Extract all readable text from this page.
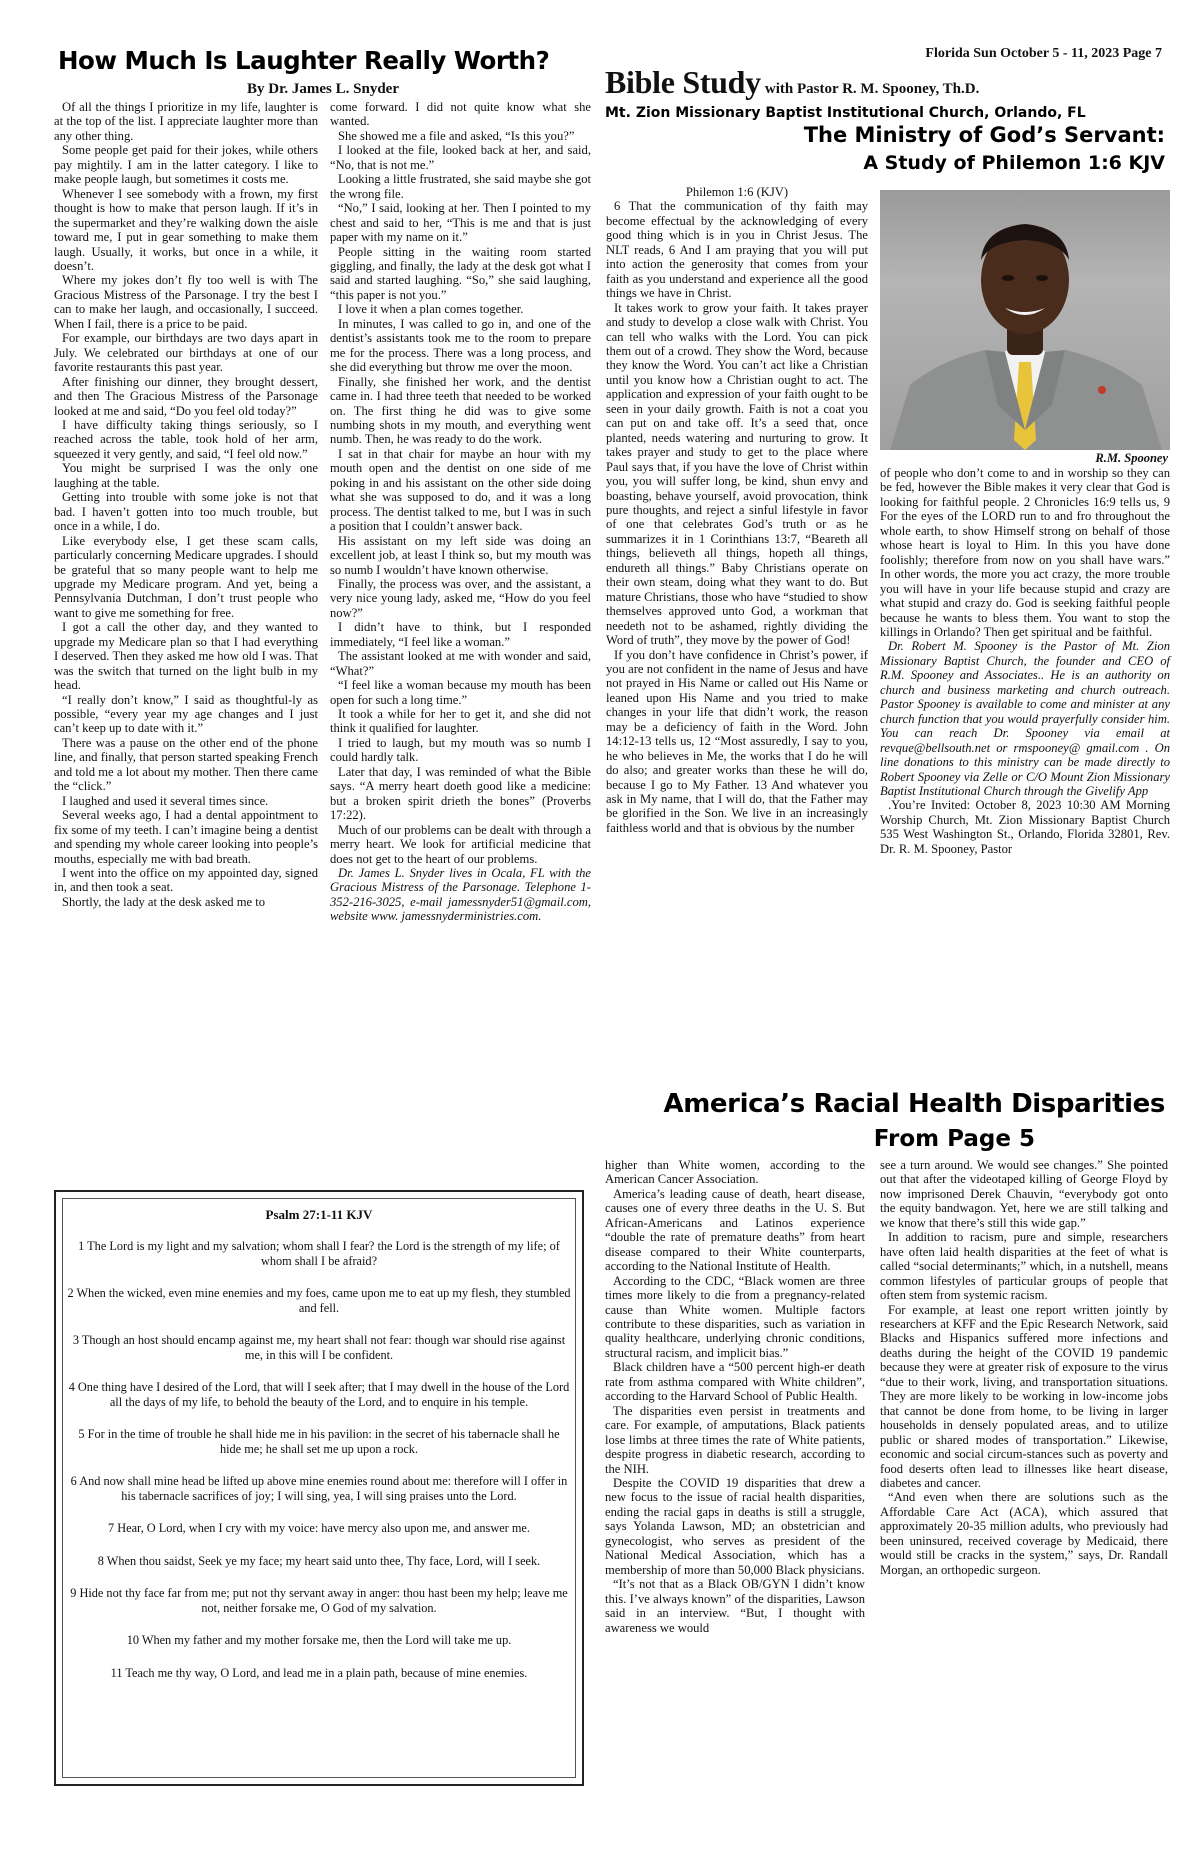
How Much Is Laughter Really Worth?
By Dr. James L. Snyder

Of all the things I prioritize in my life, laughter is at the top of the list. I appreciate laughter more than any other thing.

Some people get paid for their jokes, while others pay mightily. I am in the latter category. I like to make people laugh, but sometimes it costs me.

Whenever I see somebody with a frown, my first thought is how to make that person laugh. If it’s in the supermarket and they’re walking down the aisle toward me, I put in gear something to make them laugh. Usually, it works, but once in a while, it doesn’t.

Where my jokes don’t fly too well is with The Gracious Mistress of the Parsonage. I try the best I can to make her laugh, and occasionally, I succeed. When I fail, there is a price to be paid.

For example, our birthdays are two days apart in July. We celebrated our birthdays at one of our favorite restaurants this past year.

After finishing our dinner, they brought dessert, and then The Gracious Mistress of the Parsonage looked at me and said, “Do you feel old today?”

I have difficulty taking things seriously, so I reached across the table, took hold of her arm, squeezed it very gently, and said, “I feel old now.”

You might be surprised I was the only one laughing at the table.

Getting into trouble with some joke is not that bad. I haven’t gotten into too much trouble, but once in a while, I do.

Like everybody else, I get these scam calls, particularly concerning Medicare upgrades. I should be grateful that so many people want to help me upgrade my Medicare program. And yet, being a Pennsylvania Dutchman, I don’t trust people who want to give me something for free.

I got a call the other day, and they wanted to upgrade my Medicare plan so that I had everything I deserved. Then they asked me how old I was. That was the switch that turned on the light bulb in my head.

“I really don’t know,” I said as thoughtful-ly as possible, “every year my age changes and I just can’t keep up to date with it.”

There was a pause on the other end of the phone line, and finally, that person started speaking French and told me a lot about my mother. Then there came the “click.”

I laughed and used it several times since.

Several weeks ago, I had a dental appointment to fix some of my teeth. I can’t imagine being a dentist and spending my whole career looking into people’s mouths, especially me with bad breath.

I went into the office on my appointed day, signed in, and then took a seat.

Shortly, the lady at the desk asked me to

come forward. I did not quite know what she wanted.

She showed me a file and asked, “Is this you?”

I looked at the file, looked back at her, and said, “No, that is not me.”

Looking a little frustrated, she said maybe she got the wrong file.

“No,” I said, looking at her. Then I pointed to my chest and said to her, “This is me and that is just paper with my name on it.”

People sitting in the waiting room started giggling, and finally, the lady at the desk got what I said and started laughing. “So,” she said laughing, “this paper is not you.”

I love it when a plan comes together.

In minutes, I was called to go in, and one of the dentist’s assistants took me to the room to prepare me for the process. There was a long process, and she did everything but throw me over the moon.

Finally, she finished her work, and the dentist came in. I had three teeth that needed to be worked on. The first thing he did was to give some numbing shots in my mouth, and everything went numb. Then, he was ready to do the work.

I sat in that chair for maybe an hour with my mouth open and the dentist on one side of me poking in and his assistant on the other side doing what she was supposed to do, and it was a long process. The dentist talked to me, but I was in such a position that I couldn’t answer back.

His assistant on my left side was doing an excellent job, at least I think so, but my mouth was so numb I wouldn’t have known otherwise.

Finally, the process was over, and the assistant, a very nice young lady, asked me, “How do you feel now?”

I didn’t have to think, but I responded immediately, “I feel like a woman.”

The assistant looked at me with wonder and said, “What?”

“I feel like a woman because my mouth has been open for such a long time.”

It took a while for her to get it, and she did not think it qualified for laughter.

I tried to laugh, but my mouth was so numb I could hardly talk.

Later that day, I was reminded of what the Bible says. “A merry heart doeth good like a medicine: but a broken spirit drieth the bones” (Proverbs 17:22).

Much of our problems can be dealt with through a merry heart. We look for artificial medicine that does not get to the heart of our problems.

Dr. James L. Snyder lives in Ocala, FL with the Gracious Mistress of the Parsonage. Telephone 1-352-216-3025, e-mail jamessnyder51@gmail.com, website www. jamessnyderministries.com.

Psalm 27:1-11 KJV
1 The Lord is my light and my salvation; whom shall I fear? the Lord is the strength of my life; of whom shall I be afraid?
2 When the wicked, even mine enemies and my foes, came upon me to eat up my flesh, they stumbled and fell.
3 Though an host should encamp against me, my heart shall not fear: though war should rise against me, in this will I be confident.
4 One thing have I desired of the Lord, that will I seek after; that I may dwell in the house of the Lord all the days of my life, to behold the beauty of the Lord, and to enquire in his temple.
5 For in the time of trouble he shall hide me in his pavilion: in the secret of his tabernacle shall he hide me; he shall set me up upon a rock.
6 And now shall mine head be lifted up above mine enemies round about me: therefore will I offer in his tabernacle sacrifices of joy; I will sing, yea, I will sing praises unto the Lord.
7 Hear, O Lord, when I cry with my voice: have mercy also upon me, and answer me.
8 When thou saidst, Seek ye my face; my heart said unto thee, Thy face, Lord, will I seek.
9 Hide not thy face far from me; put not thy servant away in anger: thou hast been my help; leave me not, neither forsake me, O God of my salvation.
10 When my father and my mother forsake me, then the Lord will take me up.
11 Teach me thy way, O Lord, and lead me in a plain path, because of mine enemies.
Florida Sun October 5 - 11, 2023 Page 7
Bible Study with Pastor R. M. Spooney, Th.D.
Mt. Zion Missionary Baptist Institutional Church, Orlando, FL
The Ministry of God’s Servant:
A Study of Philemon 1:6 KJV

Philemon 1:6 (KJV)

6 That the communication of thy faith may become effectual by the acknowledging of every good thing which is in you in Christ Jesus. The NLT reads, 6 And I am praying that you will put into action the generosity that comes from your faith as you understand and experience all the good things we have in Christ.

It takes work to grow your faith. It takes prayer and study to develop a close walk with Christ. You can tell who walks with the Lord. You can pick them out of a crowd. They show the Word, because they know the Word. You can’t act like a Christian until you know how a Christian ought to act. The application and expression of your faith ought to be seen in your daily growth. Faith is not a coat you can put on and take off. It’s a seed that, once planted, needs watering and nurturing to grow. It takes prayer and study to get to the place where Paul says that, if you have the love of Christ within you, you will suffer long, be kind, shun envy and boasting, behave yourself, avoid provocation, think pure thoughts, and reject a sinful lifestyle in favor of one that celebrates God’s truth or as he summarizes it in 1 Corinthians 13:7, “Beareth all things, believeth all things, hopeth all things, endureth all things.” Baby Christians operate on their own steam, doing what they want to do. But mature Christians, those who have “studied to show themselves approved unto God, a workman that needeth not to be ashamed, rightly dividing the Word of truth”, they move by the power of God!

If you don’t have confidence in Christ’s power, if you are not confident in the name of Jesus and have not prayed in His Name or called out His Name or leaned upon His Name and you tried to make changes in your life that didn’t work, the reason may be a deficiency of faith in the Word. John 14:12-13 tells us, 12 “Most assuredly, I say to you, he who believes in Me, the works that I do he will do also; and greater works than these he will do, because I go to My Father. 13 And whatever you ask in My name, that I will do, that the Father may be glorified in the Son. We live in an increasingly faithless world and that is obvious by the number

R.M. Spooney

of people who don’t come to and in worship so they can be fed, however the Bible makes it very clear that God is looking for faithful people. 2 Chronicles 16:9 tells us, 9 For the eyes of the LORD run to and fro throughout the whole earth, to show Himself strong on behalf of those whose heart is loyal to Him. In this you have done foolishly; therefore from now on you shall have wars.” In other words, the more you act crazy, the more trouble you will have in your life because stupid and crazy are what stupid and crazy do. God is seeking faithful people because he wants to bless them. You want to stop the killings in Orlando? Then get spiritual and be faithful.

Dr. Robert M. Spooney is the Pastor of Mt. Zion Missionary Baptist Church, the founder and CEO of R.M. Spooney and Associates.. He is an authority on church and business marketing and church outreach. Pastor Spooney is available to come and minister at any church function that you would prayerfully consider him. You can reach Dr. Spooney via email at revque@bellsouth.net or rmspooney@ gmail.com . On line donations to this ministry can be made directly to Robert Spooney via Zelle or C/O Mount Zion Missionary Baptist Institutional Church through the Givelify App

.You’re Invited: October 8, 2023 10:30 AM Morning Worship Church, Mt. Zion Missionary Baptist Church 535 West Washington St., Orlando, Florida 32801, Rev. Dr. R. M. Spooney, Pastor

America’s Racial Health Disparities
From Page 5

higher than White women, according to the American Cancer Association.

America’s leading cause of death, heart disease, causes one of every three deaths in the U. S. But African-Americans and Latinos experience “double the rate of premature deaths” from heart disease compared to their White counterparts, according to the National Institute of Health.

According to the CDC, “Black women are three times more likely to die from a pregnancy-related cause than White women. Multiple factors contribute to these disparities, such as variation in quality healthcare, underlying chronic conditions, structural racism, and implicit bias.”

Black children have a “500 percent high-er death rate from asthma compared with White children”, according to the Harvard School of Public Health.

The disparities even persist in treatments and care. For example, of amputations, Black patients lose limbs at three times the rate of White patients, despite progress in diabetic research, according to the NIH.

Despite the COVID 19 disparities that drew a new focus to the issue of racial health disparities, ending the racial gaps in deaths is still a struggle, says Yolanda Lawson, MD; an obstetrician and gynecologist, who serves as president of the National Medical Association, which has a membership of more than 50,000 Black physicians.

“It’s not that as a Black OB/GYN I didn’t know this. I’ve always known” of the disparities, Lawson said in an interview. “But, I thought with awareness we would

see a turn around. We would see changes.” She pointed out that after the videotaped killing of George Floyd by now imprisoned Derek Chauvin, “everybody got onto the equity bandwagon. Yet, here we are still talking and we know that there’s still this wide gap.”

In addition to racism, pure and simple, researchers have often laid health disparities at the feet of what is called “social determinants;” which, in a nutshell, means common lifestyles of particular groups of people that often stem from systemic racism.

For example, at least one report written jointly by researchers at KFF and the Epic Research Network, said Blacks and Hispanics suffered more infections and deaths during the height of the COVID 19 pandemic because they were at greater risk of exposure to the virus “due to their work, living, and transportation situations. They are more likely to be working in low-income jobs that cannot be done from home, to be living in larger households in densely populated areas, and to utilize public or shared modes of transportation.” Likewise, economic and social circum-stances such as poverty and food deserts often lead to illnesses like heart disease, diabetes and cancer.

“And even when there are solutions such as the Affordable Care Act (ACA), which assured that approximately 20-35 million adults, who previously had been uninsured, received coverage by Medicaid, there would still be cracks in the system,” says, Dr. Randall Morgan, an orthopedic surgeon.
